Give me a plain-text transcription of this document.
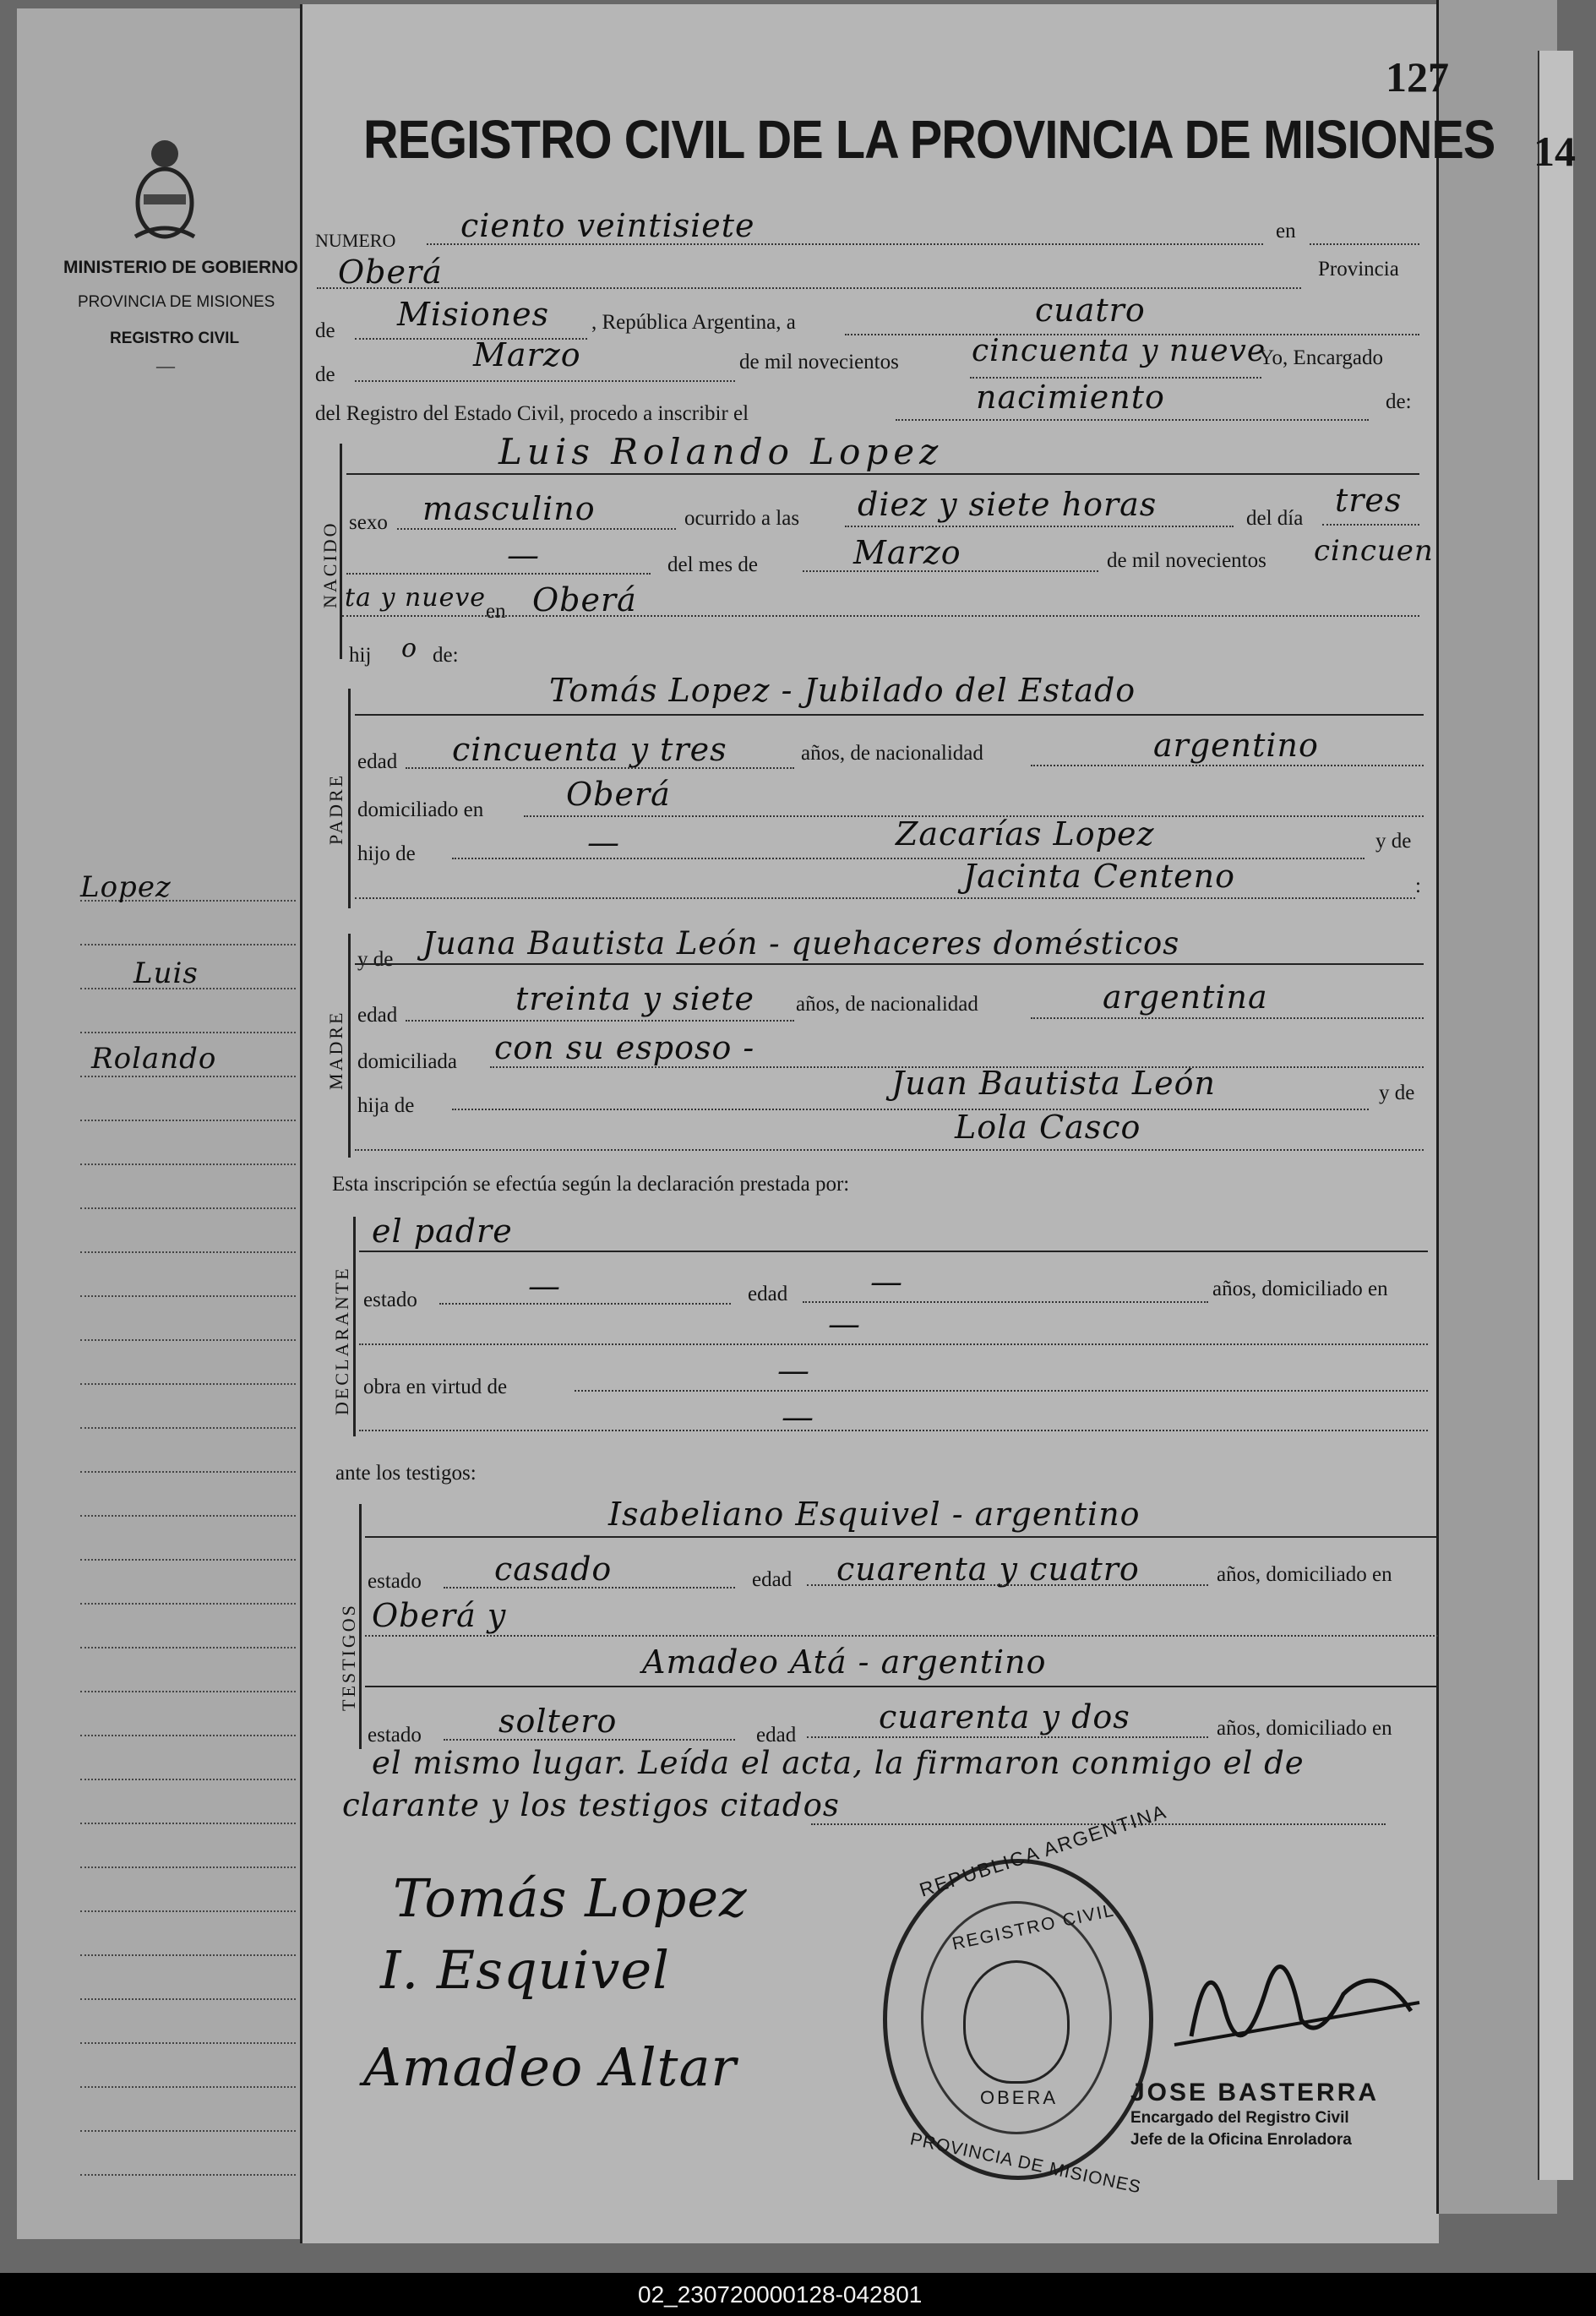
127
14
MINISTERIO DE GOBIERNO
PROVINCIA DE MISIONES
REGISTRO CIVIL
—
Lopez
Luis
Rolando
REGISTRO CIVIL DE LA PROVINCIA DE MISIONES
NUMERO ciento veintisiete	en
Oberá	Provincia
de Misiones , República Argentina, a	cuatro
de
Marzo	de mil novecientos cincuenta y nueve
Yo, Encargado
del Registro del Estado Civil, procedo a inscribir el	nacimiento	de:
NACIDO
Luis Rolando Lopez
sexo masculino	ocurrido a las diez y siete horas	del día tres
—	del mes de	Marzo	de mil novecientos cincuen
ta y nueve en Oberá
hij o de:
PADRE
Tomás Lopez - Jubilado del Estado
edad cincuenta y tres	años, de nacionalidad	argentino
domiciliado en	Oberá
hijo de	—	Zacarías Lopez	y de
Jacinta Centeno	:
MADRE
y de Juana Bautista León - quehaceres domésticos
edad	treinta y siete años, de nacionalidad	argentina
domiciliada con su esposo -
hija de
Juan Bautista León	y de
Lola Casco
Esta inscripción se efectúa según la declaración prestada por:
DECLARANTE
el padre
estado	—	edad	—	años, domiciliado en
—
obra en virtud de	—
—
ante los testigos:
TESTIGOS
Isabeliano Esquivel - argentino
estado casado	edad cuarenta y cuatro	años, domiciliado en
Oberá y
Amadeo Atá - argentino
estado soltero	edad	cuarenta y dos	años, domiciliado en
el mismo lugar. Leída el acta, la firmaron conmigo el de
clarante y los testigos citados
Tomás Lopez
I. Esquivel
Amadeo Altar
REPUBLICA ARGENTINA
REGISTRO CIVIL
OBERA
PROVINCIA DE MISIONES
JOSE BASTERRA
Encargado del Registro Civil
Jefe de la Oficina Enroladora
02_230720000128-042801
